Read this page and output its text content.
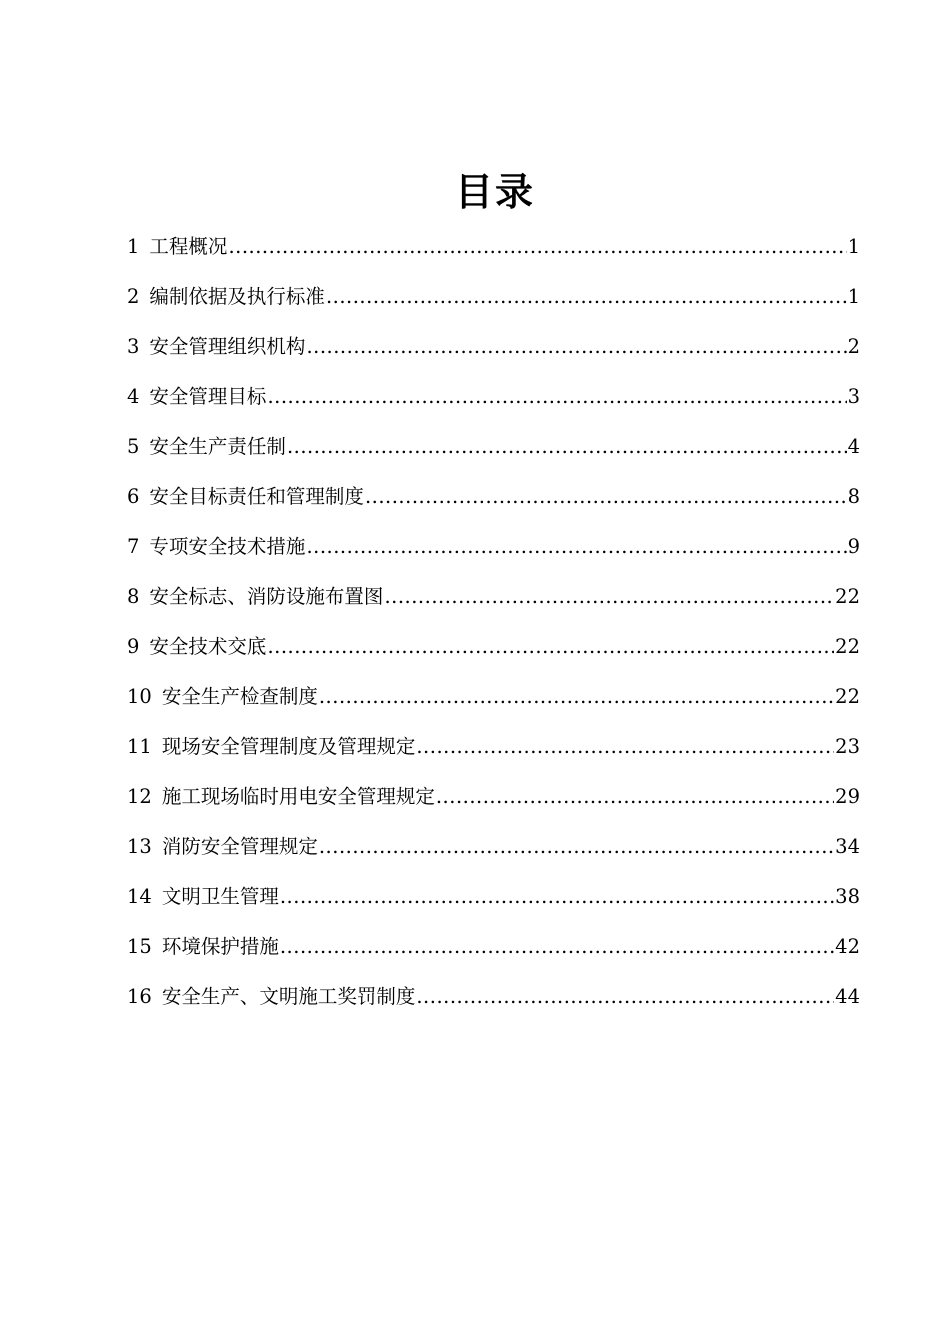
目录
1 工程概况 .....	1
2 编制依据及执行标准 .....	1
3 安全管理组织机构 .....	2
4 安全管理目标 .....	3
5 安全生产责任制 .....	4
6 安全目标责任和管理制度 .....	8
7 专项安全技术措施 .....	9
8 安全标志、消防设施布置图 .....	22
9 安全技术交底 .....	22
10 安全生产检查制度 .....	22
11 现场安全管理制度及管理规定 .....	23
12 施工现场临时用电安全管理规定 .....	29
13 消防安全管理规定 .....	34
14 文明卫生管理 .....	38
15 环境保护措施 .....	42
16 安全生产、文明施工奖罚制度 .....	44
